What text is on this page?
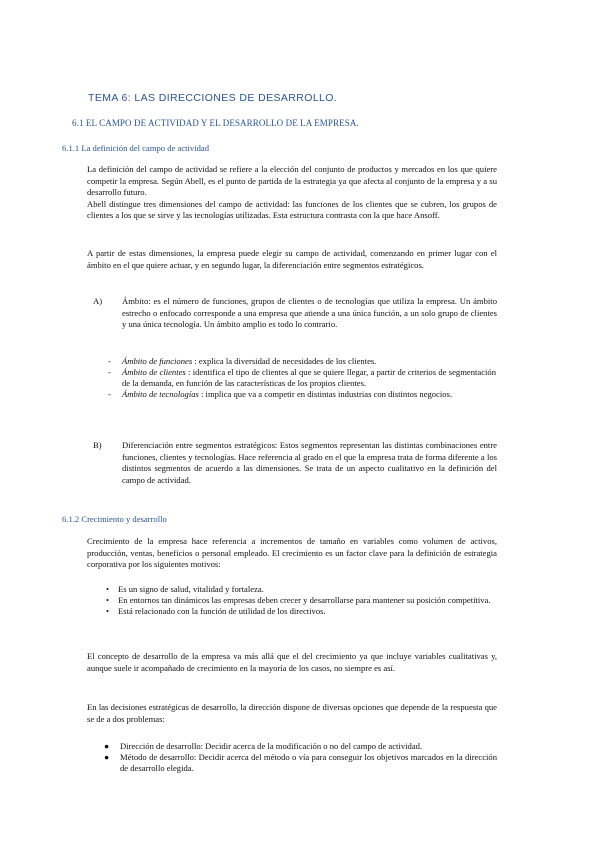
TEMA 6: LAS DIRECCIONES DE DESARROLLO.
6.1 EL CAMPO DE ACTIVIDAD Y EL DESARROLLO DE LA EMPRESA.
6.1.1 La definición del campo de actividad

La definición del campo de actividad se refiere a la elección del conjunto de productos y mercados en los que quiere competir la empresa. Según Abell, es el punto de partida de la estrategia ya que afecta al conjunto de la empresa y a su desarrollo futuro.

Abell distingue tres dimensiones del campo de actividad: las funciones de los clientes que se cubren, los grupos de clientes a los que se sirve y las tecnologías utilizadas. Esta estructura contrasta con la que hace Ansoff.

A partir de estas dimensiones, la empresa puede elegir su campo de actividad, comenzando en primer lugar con el ámbito en el que quiere actuar, y en segundo lugar, la diferenciación entre segmentos estratégicos.
A) Ámbito: es el número de funciones, grupos de clientes o de tecnologías que utiliza la empresa. Un ámbito estrecho o enfocado corresponde a una empresa que atiende a una única función, a un solo grupo de clientes y una única tecnología. Un ámbito amplio es todo lo contrario.
- Ámbito de funciones : explica la diversidad de necesidades de los clientes.
- Ámbito de clientes : identifica el tipo de clientes al que se quiere llegar, a partir de criterios de segmentación de la demanda, en función de las características de los propios clientes.
- Ámbito de tecnologías : implica que va a competir en distintas industrias con distintos negocios.
B) Diferenciación entre segmentos estratégicos: Estos segmentos representan las distintas combinaciones entre funciones, clientes y tecnologías. Hace referencia al grado en el que la empresa trata de forma diferente a los distintos segmentos de acuerdo a las dimensiones. Se trata de un aspecto cualitativo en la definición del campo de actividad.
6.1.2 Crecimiento y desarrollo
Crecimiento de la empresa hace referencia a incrementos de tamaño en variables como volumen de activos, producción, ventas, beneficios o personal empleado. El crecimiento es un factor clave para la definición de estrategia corporativa por los siguientes motivos:
• Es un signo de salud, vitalidad y fortaleza.
• En entornos tan dinámicos las empresas deben crecer y desarrollarse para mantener su posición competitiva.
• Está relacionado con la función de utilidad de los directivos.
El concepto de desarrollo de la empresa va más allá que el del crecimiento ya que incluye variables cualitativas y, aunque suele ir acompañado de crecimiento en la mayoría de los casos, no siempre es así.
En las decisiones estratégicas de desarrollo, la dirección dispone de diversas opciones que depende de la respuesta que se de a dos problemas:
● Dirección de desarrollo: Decidir acerca de la modificación o no del campo de actividad.
● Método de desarrollo: Decidir acerca del método o vía para conseguir los objetivos marcados en la dirección de desarrollo elegida.
